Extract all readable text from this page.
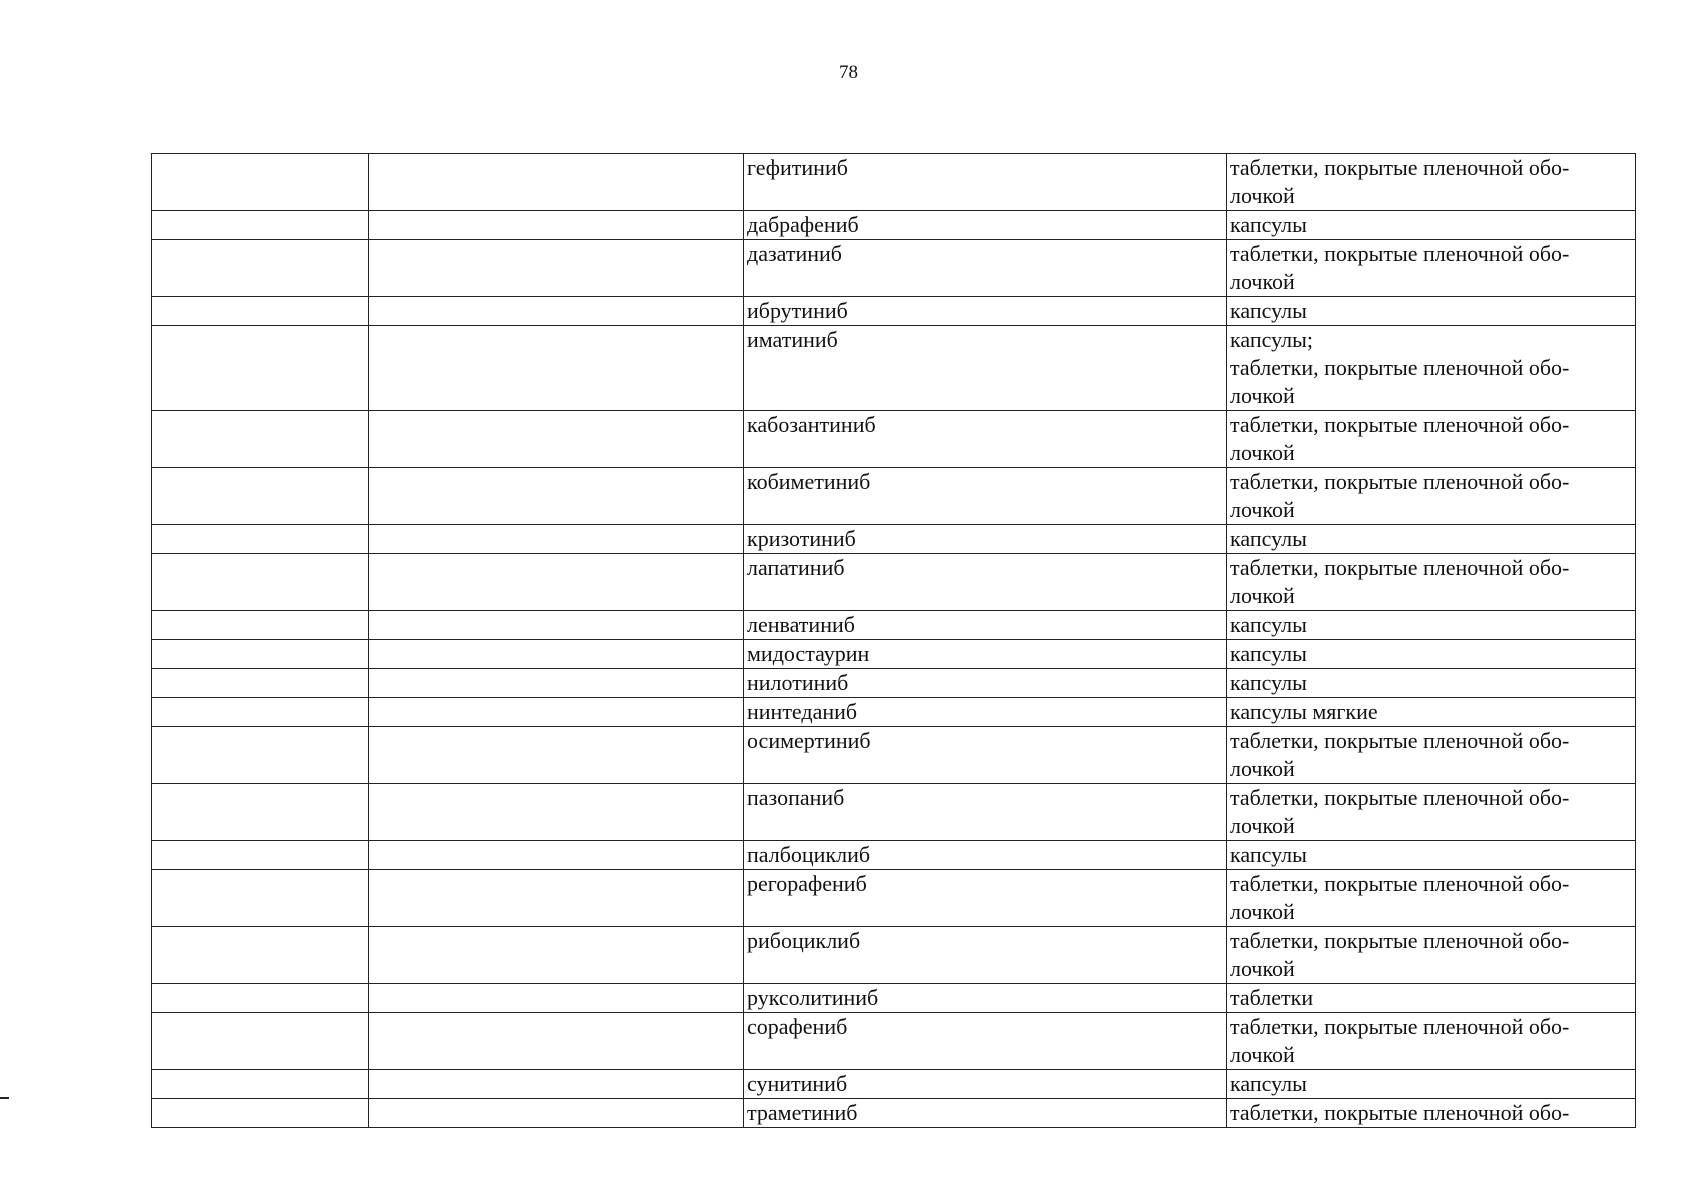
78
		гефитиниб	таблетки, покрытые пленочной обо-
лочкой

		дабрафениб	капсулы

		дазатиниб	таблетки, покрытые пленочной обо-
лочкой

		ибрутиниб	капсулы

		иматиниб	капсулы;
таблетки, покрытые пленочной обо-
лочкой

		кабозантиниб	таблетки, покрытые пленочной обо-
лочкой

		кобиметиниб	таблетки, покрытые пленочной обо-
лочкой

		кризотиниб	капсулы

		лапатиниб	таблетки, покрытые пленочной обо-
лочкой

		ленватиниб	капсулы

		мидостаурин	капсулы

		нилотиниб	капсулы

		нинтеданиб	капсулы мягкие

		осимертиниб	таблетки, покрытые пленочной обо-
лочкой

		пазопаниб	таблетки, покрытые пленочной обо-
лочкой

		палбоциклиб	капсулы

		регорафениб	таблетки, покрытые пленочной обо-
лочкой

		рибоциклиб	таблетки, покрытые пленочной обо-
лочкой

		руксолитиниб	таблетки

		сорафениб	таблетки, покрытые пленочной обо-
лочкой

		сунитиниб	капсулы

		траметиниб	таблетки, покрытые пленочной обо-
